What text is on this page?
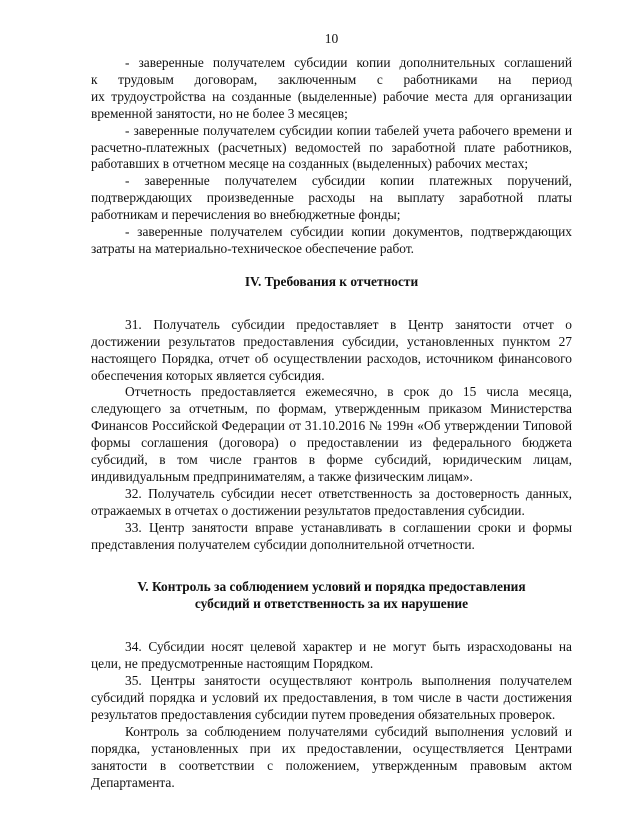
10

- заверенные получателем субсидии копии дополнительных соглашений

к трудовым договорам, заключенным с работниками на период

их трудоустройства на созданные (выделенные) рабочие места для организации временной занятости, но не более 3 месяцев;

- заверенные получателем субсидии копии табелей учета рабочего времени и расчетно-платежных (расчетных) ведомостей по заработной плате работников, работавших в отчетном месяце на созданных (выделенных) рабочих местах;

- заверенные получателем субсидии копии платежных поручений, подтверждающих произведенные расходы на выплату заработной платы работникам и перечисления во внебюджетные фонды;

- заверенные получателем субсидии копии документов, подтверждающих затраты на материально-техническое обеспечение работ.

IV. Требования к отчетности

31. Получатель субсидии предоставляет в Центр занятости отчет о достижении результатов предоставления субсидии, установленных пунктом 27 настоящего Порядка, отчет об осуществлении расходов, источником финансового обеспечения которых является субсидия.

Отчетность предоставляется ежемесячно, в срок до 15 числа месяца, следующего за отчетным, по формам, утвержденным приказом Министерства Финансов Российской Федерации от 31.10.2016 № 199н «Об утверждении Типовой формы соглашения (договора) о предоставлении из федерального бюджета субсидий, в том числе грантов в форме субсидий, юридическим лицам, индивидуальным предпринимателям, а также физическим лицам».

32. Получатель субсидии несет ответственность за достоверность данных, отражаемых в отчетах о достижении результатов предоставления субсидии.

33. Центр занятости вправе устанавливать в соглашении сроки и формы представления получателем субсидии дополнительной отчетности.

V. Контроль за соблюдением условий и порядка предоставления
субсидий и ответственность за их нарушение

34. Субсидии носят целевой характер и не могут быть израсходованы на цели, не предусмотренные настоящим Порядком.

35. Центры занятости осуществляют контроль выполнения получателем субсидий порядка и условий их предоставления, в том числе в части достижения результатов предоставления субсидии путем проведения обязательных проверок.

Контроль за соблюдением получателями субсидий выполнения условий и порядка, установленных при их предоставлении, осуществляется Центрами занятости в соответствии с положением, утвержденным правовым актом Департамента.
